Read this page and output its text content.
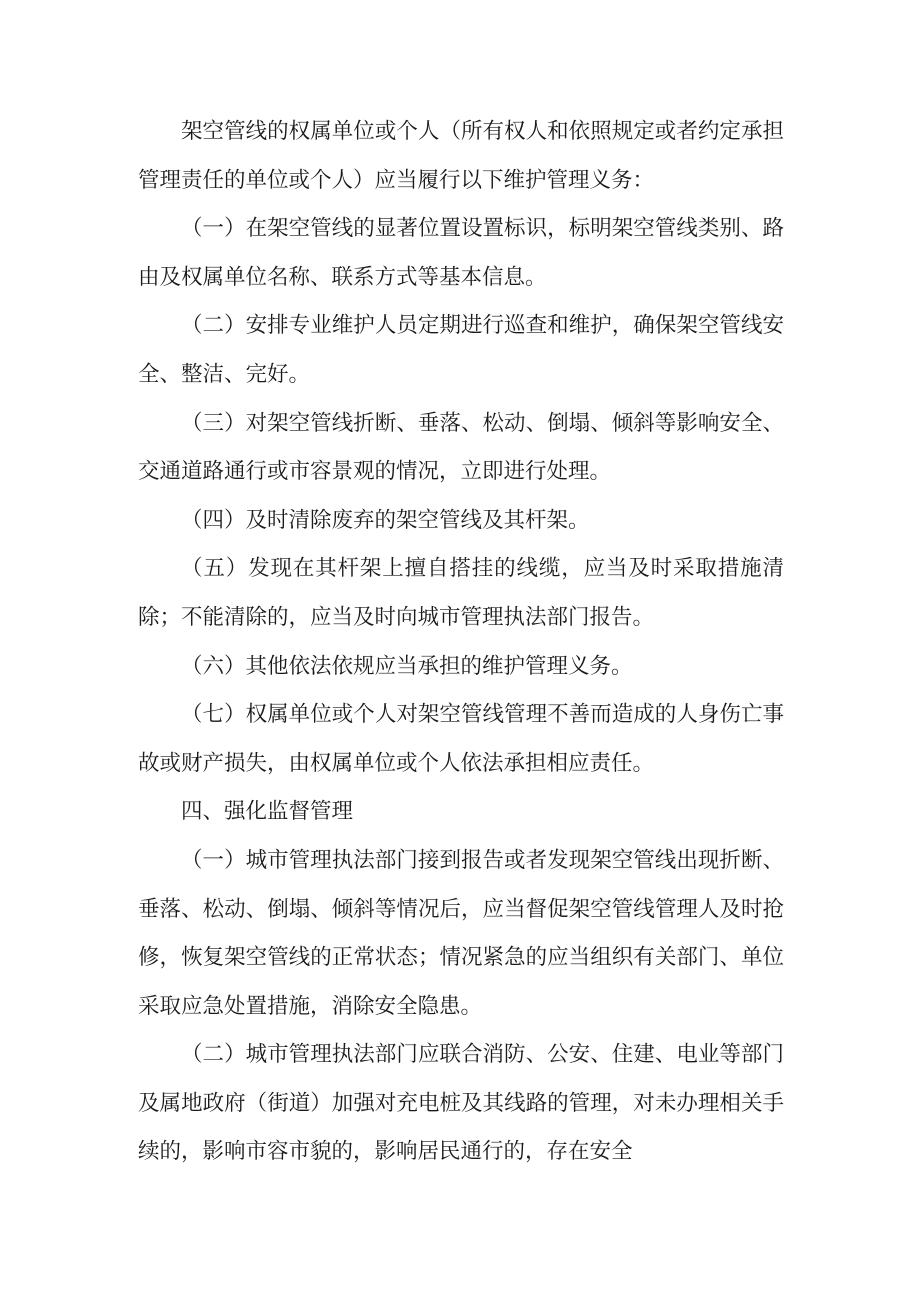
架空管线的权属单位或个人（所有权人和依照规定或者约定承担管理责任的单位或个人）应当履行以下维护管理义务：

（一）在架空管线的显著位置设置标识，标明架空管线类别、路由及权属单位名称、联系方式等基本信息。

（二）安排专业维护人员定期进行巡查和维护，确保架空管线安全、整洁、完好。

（三）对架空管线折断、垂落、松动、倒塌、倾斜等影响安全、交通道路通行或市容景观的情况，立即进行处理。

（四）及时清除废弃的架空管线及其杆架。

（五）发现在其杆架上擅自搭挂的线缆，应当及时采取措施清除；不能清除的，应当及时向城市管理执法部门报告。

（六）其他依法依规应当承担的维护管理义务。

（七）权属单位或个人对架空管线管理不善而造成的人身伤亡事故或财产损失，由权属单位或个人依法承担相应责任。

四、强化监督管理

（一）城市管理执法部门接到报告或者发现架空管线出现折断、垂落、松动、倒塌、倾斜等情况后，应当督促架空管线管理人及时抢修，恢复架空管线的正常状态；情况紧急的应当组织有关部门、单位采取应急处置措施，消除安全隐患。

（二）城市管理执法部门应联合消防、公安、住建、电业等部门及属地政府（街道）加强对充电桩及其线路的管理，对未办理相关手续的，影响市容市貌的，影响居民通行的，存在安全
